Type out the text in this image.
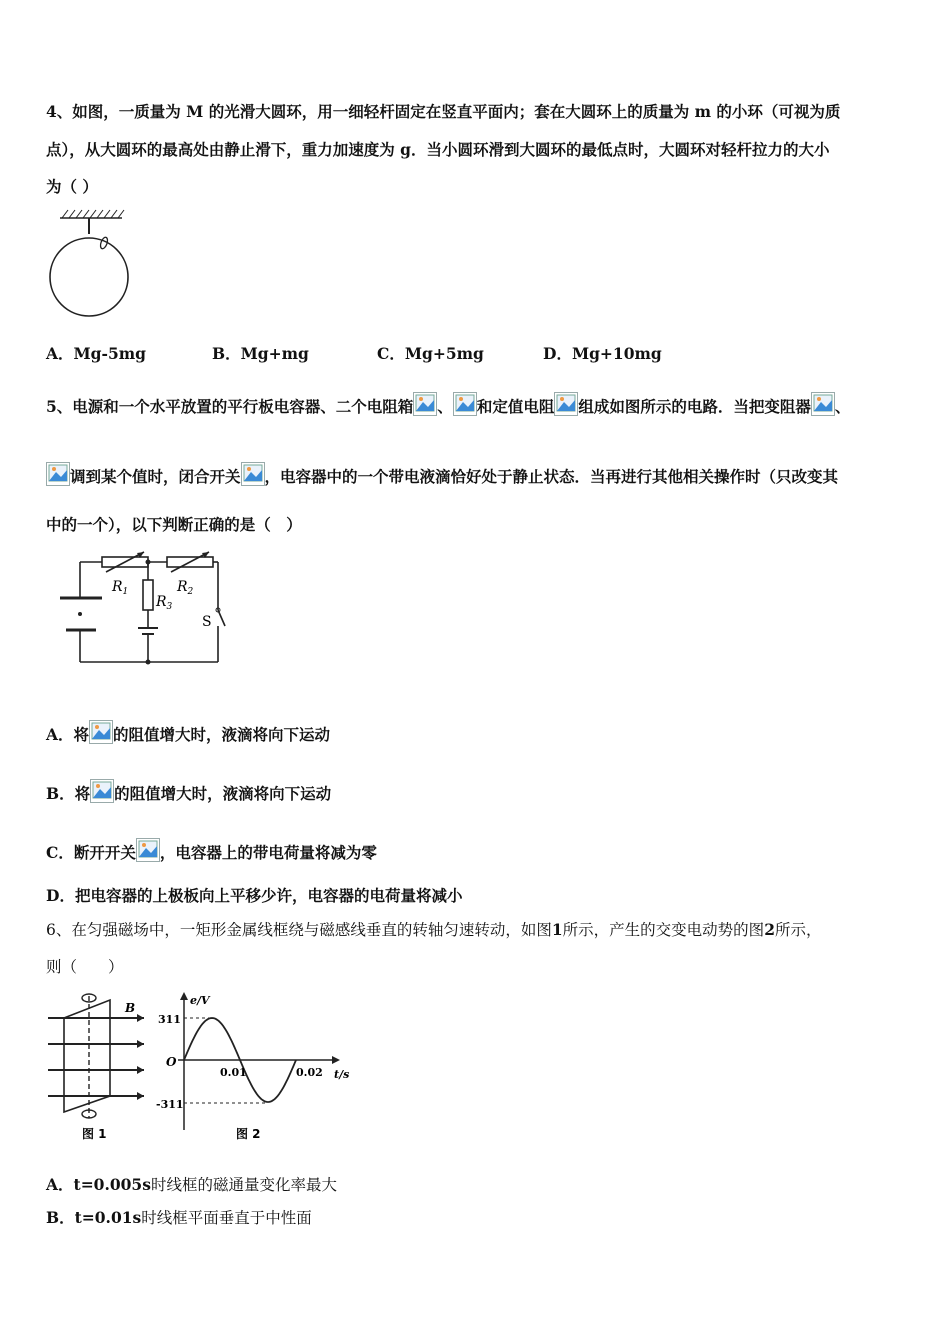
4、如图，一质量为 M 的光滑大圆环，用一细轻杆固定在竖直平面内；套在大圆环上的质量为 m 的小环（可视为质
点），从大圆环的最高处由静止滑下，重力加速度为 g．当小圆环滑到大圆环的最低点时，大圆环对轻杆拉力的大小
为（ ）
A．Mg-5mg	B．Mg+mg	C．Mg+5mg	D．Mg+10mg
5、电源和一个水平放置的平行板电容器、二个电阻箱 、 和定值电阻 组成如图所示的电路．当把变阻器 、
调到某个值时，闭合开关 ，电容器中的一个带电液滴恰好处于静止状态．当再进行其他相关操作时（只改变其
中的一个），以下判断正确的是（　）
$R_1$	$R_2$
$R_3$
S
A．将 的阻值增大时，液滴将向下运动
B．将 的阻值增大时，液滴将向下运动
C．断开开关 ，电容器上的带电荷量将减为零
D．把电容器的上极板向上平移少许，电容器的电荷量将减小
6、在匀强磁场中，一矩形金属线框绕与磁感线垂直的转轴匀速转动，如图1所示，产生的交变电动势的图2所示，
则（　　）
B
图 1
e/V
t/s
O
311
-311
0.01	0.02
图 2
A．t=0.005s时线框的磁通量变化率最大
B．t=0.01s时线框平面垂直于中性面
